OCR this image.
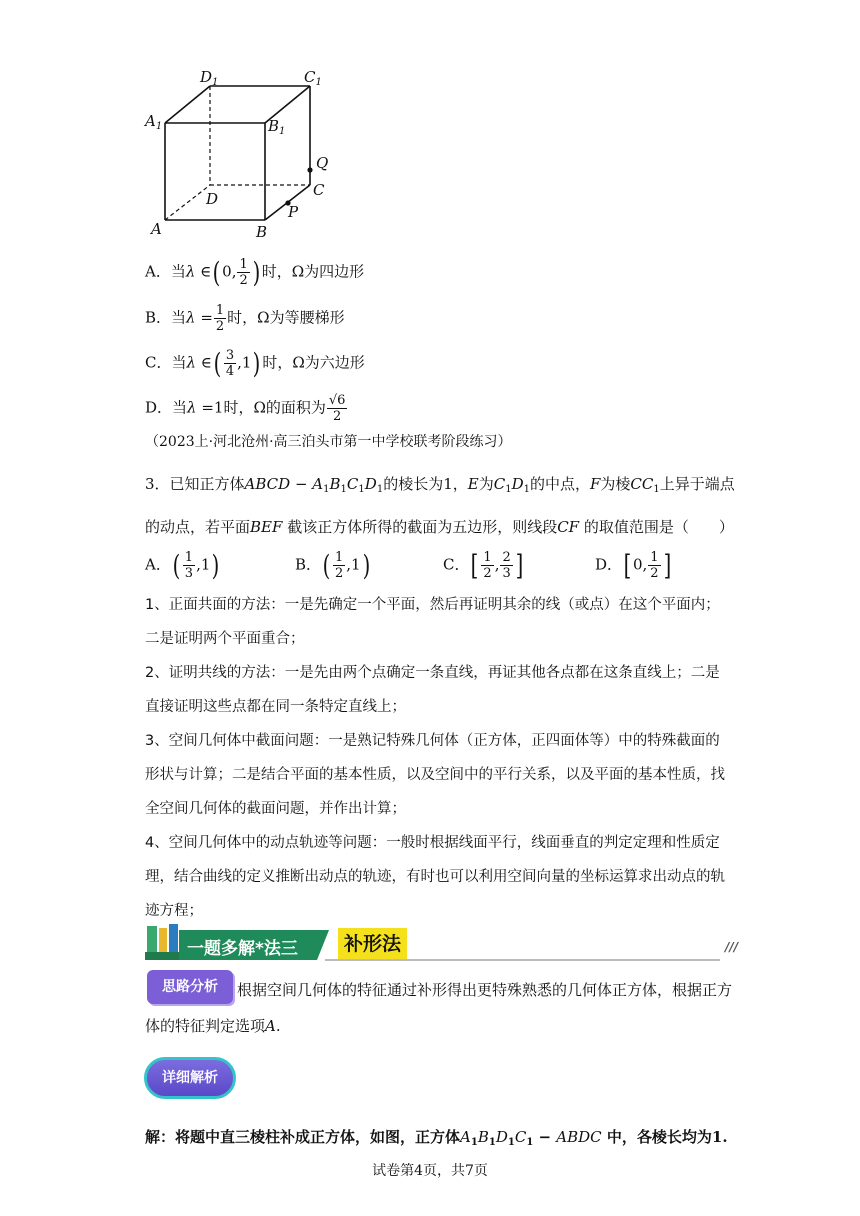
$D_1$	$C_1$
$A_1$	$B_1$
Q
C
D
P
A	B
A．当λ ∈( 0, $\frac{1}{2}$ ) 时，Ω为四边形
B．当$\lambda = \frac{1}{2}$ 时，Ω为等腰梯形
C．当λ ∈( $\frac{3}{4} ,1$) 时，Ω为六边形
D．当λ =1时，Ω的面积为 $\frac{√6}{2}$
（2023上·河北沧州·高三泊头市第一中学校联考阶段练习）
3．已知正方体ABCD − $A_1B_1C_1D_1$的棱长为1，E为$C_1D_1$的中点，F为棱$CC_1$上异于端点
的动点，若平面BEF 截该正方体所得的截面为五边形，则线段CF 的取值范围是（　　）
A．( $\frac{1}{3} ,1$)	B．( $\frac{1}{2} ,1$)	C．[ $\frac{1}{2}$ , $\frac{2}{3}$ ]	D．[ 0, $\frac{1}{2}$ ]
1、正面共面的方法：一是先确定一个平面，然后再证明其余的线（或点）在这个平面内；二是证明两个平面重合；
2、证明共线的方法：一是先由两个点确定一条直线，再证其他各点都在这条直线上；二是直接证明这些点都在同一条特定直线上；
3、空间几何体中截面问题：一是熟记特殊几何体（正方体，正四面体等）中的特殊截面的形状与计算；二是结合平面的基本性质，以及空间中的平行关系，以及平面的基本性质，找全空间几何体的截面问题，并作出计算；
4、空间几何体中的动点轨迹等问题：一般时根据线面平行，线面垂直的判定定理和性质定理，结合曲线的定义推断出动点的轨迹，有时也可以利用空间向量的坐标运算求出动点的轨迹方程；
一题多解*法三	补形法	///
思路分析	根据空间几何体的特征通过补形得出更特殊熟悉的几何体正方体，根据正方体的特征判定选项A.
详细解析
解：将题中直三棱柱补成正方体，如图，正方体$A_1B_1D_1C_1$ − ABDC 中，各棱长均为1.
试卷第4页，共7页
